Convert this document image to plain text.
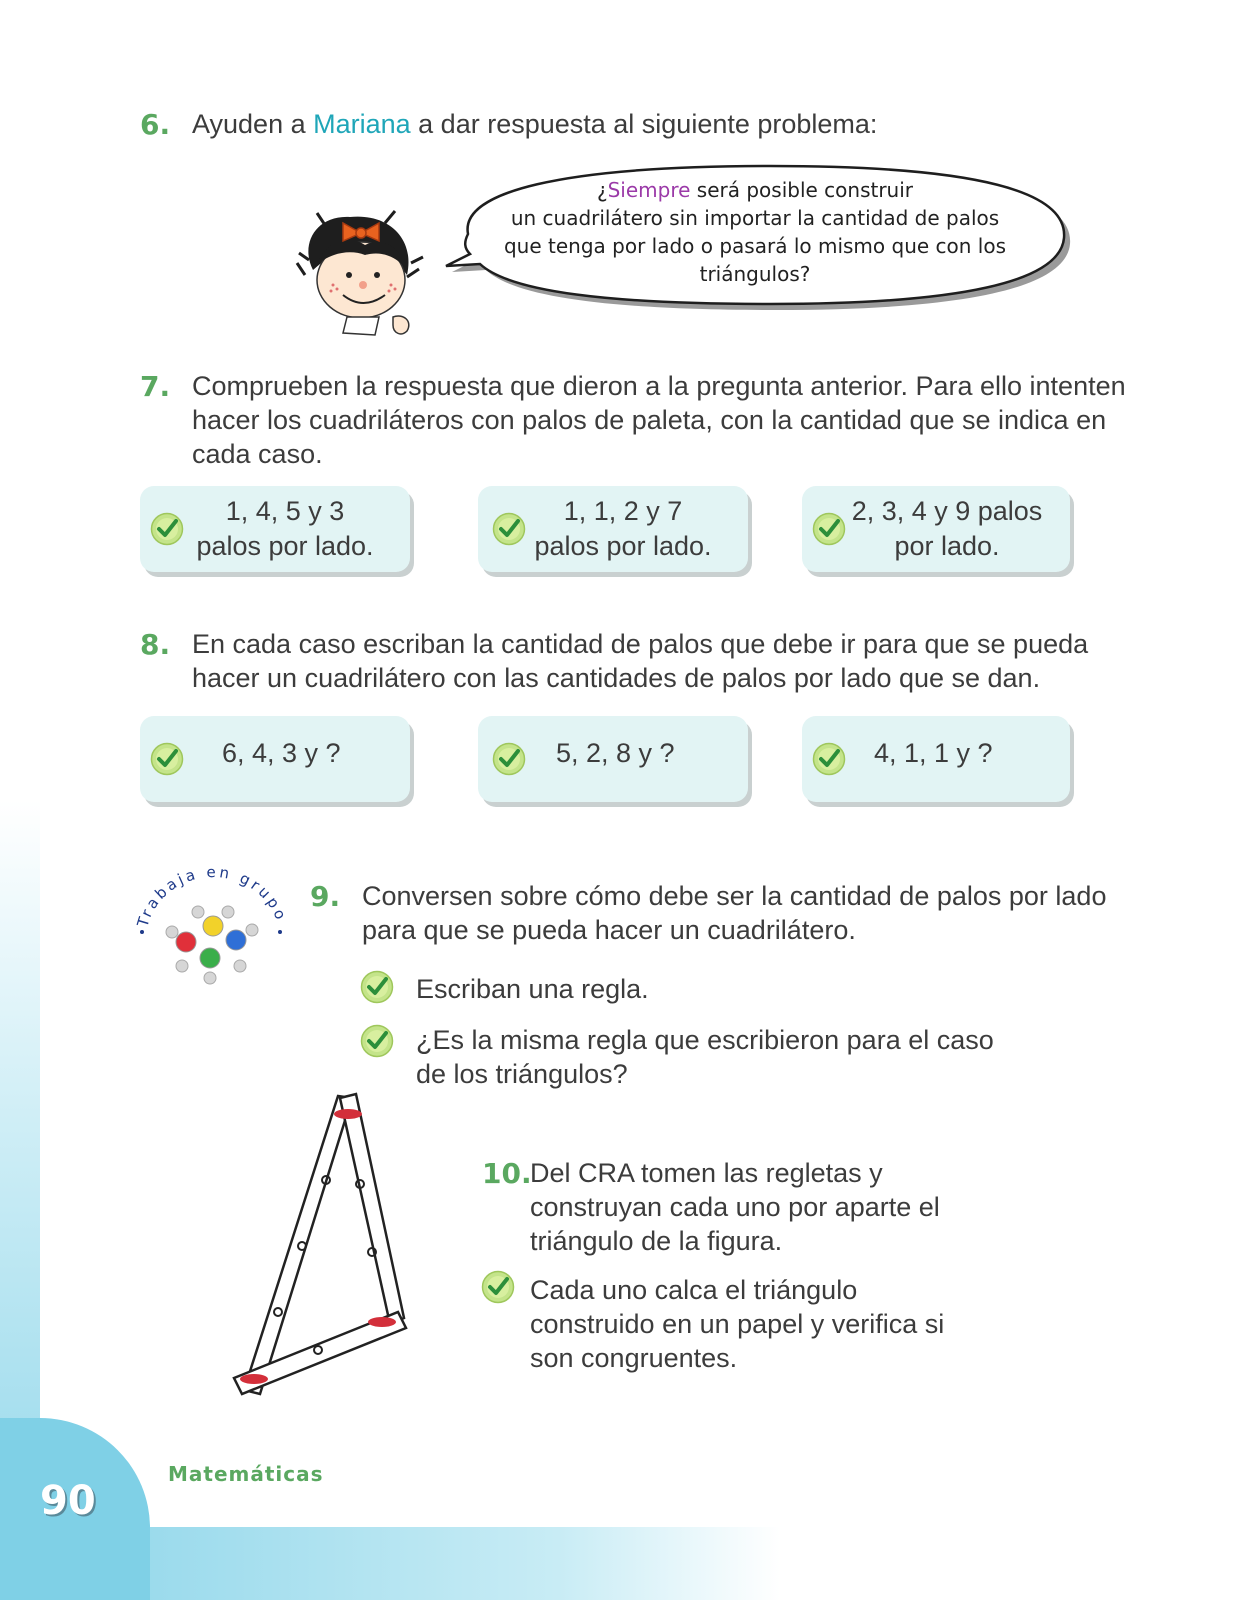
6. Ayuden a Mariana a dar respuesta al siguiente problema:
¿Siempre será posible construir
un cuadrilátero sin importar la cantidad de palos
que tenga por lado o pasará lo mismo que con los
triángulos?
7. Comprueben la respuesta que dieron a la pregunta anterior. Para ello intenten
hacer los cuadriláteros con palos de paleta, con la cantidad que se indica en
cada caso.
1, 4, 5 y 3
palos por lado.
1, 1, 2 y 7
palos por lado.
2, 3, 4 y 9 palos
por lado.
8. En cada caso escriban la cantidad de palos que debe ir para que se pueda
hacer un cuadrilátero con las cantidades de palos por lado que se dan.
6, 4, 3 y ?	5, 2, 8 y ?	4, 1, 1 y ?
Trabaja en grupo
9. Conversen sobre cómo debe ser la cantidad de palos por lado
para que se pueda hacer un cuadrilátero.
Escriban una regla.
¿Es la misma regla que escribieron para el caso
de los triángulos?
10.
Del CRA tomen las regletas y
construyan cada uno por aparte el
triángulo de la figura.
Cada uno calca el triángulo
construido en un papel y verifica si
son congruentes.
Matemáticas
90
